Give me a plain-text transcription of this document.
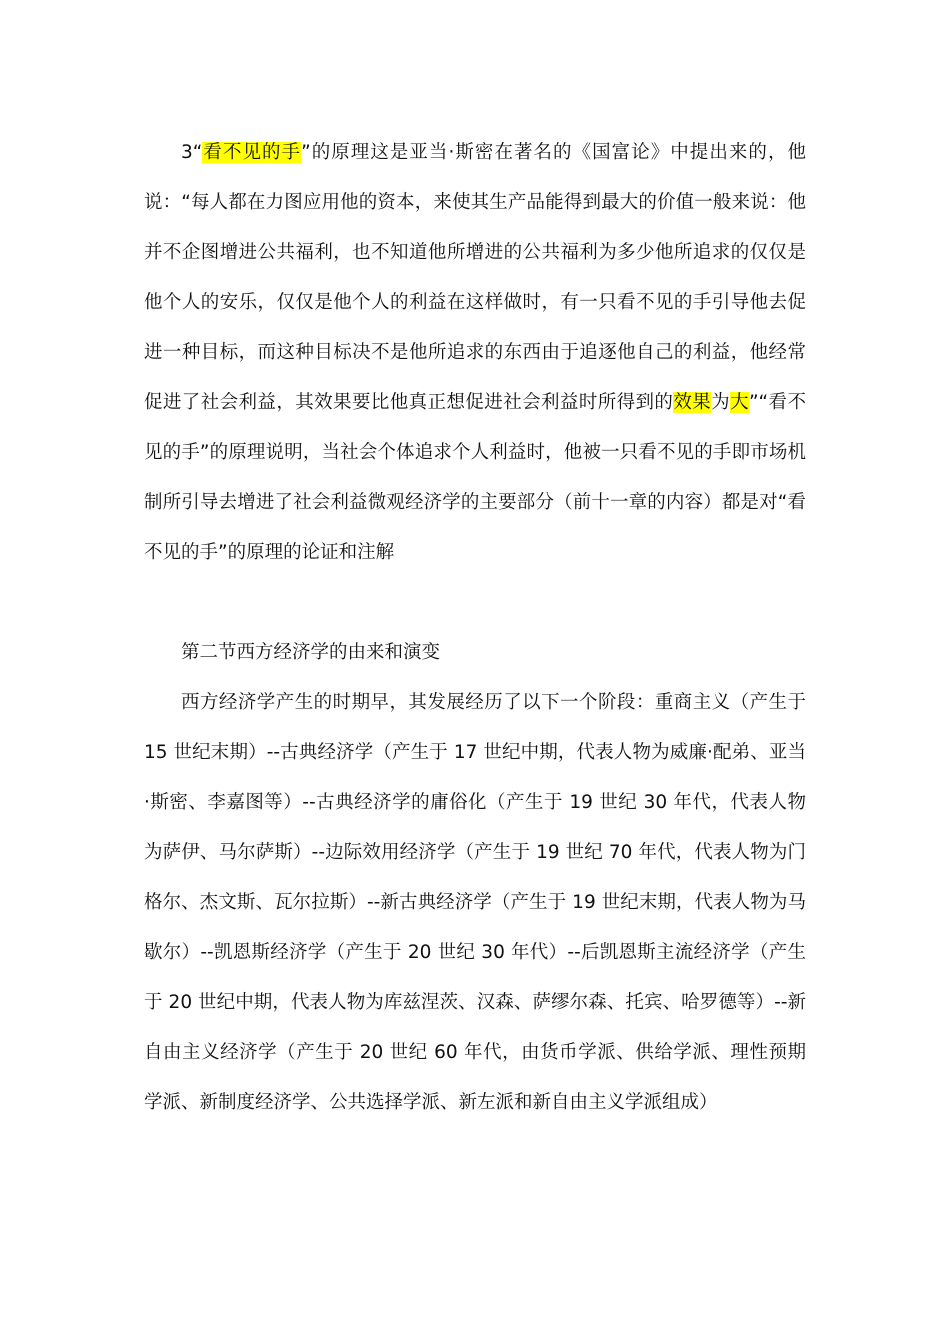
3“看不见的手”的原理这是亚当·斯密在著名的《国富论》中提出来的，他说：“每人都在力图应用他的资本，来使其生产品能得到最大的价值一般来说：他并不企图增进公共福利，也不知道他所增进的公共福利为多少他所追求的仅仅是他个人的安乐，仅仅是他个人的利益在这样做时，有一只看不见的手引导他去促进一种目标，而这种目标决不是他所追求的东西由于追逐他自己的利益，他经常促进了社会利益，其效果要比他真正想促进社会利益时所得到的效果为大”“看不见的手”的原理说明，当社会个体追求个人利益时，他被一只看不见的手即市场机制所引导去增进了社会利益微观经济学的主要部分（前十一章的内容）都是对“看不见的手”的原理的论证和注解

第二节西方经济学的由来和演变

西方经济学产生的时期早，其发展经历了以下一个阶段：重商主义（产生于 15 世纪末期）--古典经济学（产生于 17 世纪中期，代表人物为威廉·配弟、亚当·斯密、李嘉图等）--古典经济学的庸俗化（产生于 19 世纪 30 年代，代表人物为萨伊、马尔萨斯）--边际效用经济学（产生于 19 世纪 70 年代，代表人物为门格尔、杰文斯、瓦尔拉斯）--新古典经济学（产生于 19 世纪末期，代表人物为马歇尔）--凯恩斯经济学（产生于 20 世纪 30 年代）--后凯恩斯主流经济学（产生于 20 世纪中期，代表人物为库兹涅茨、汉森、萨缪尔森、托宾、哈罗德等）--新自由主义经济学（产生于 20 世纪 60 年代，由货币学派、供给学派、理性预期学派、新制度经济学、公共选择学派、新左派和新自由主义学派组成）
